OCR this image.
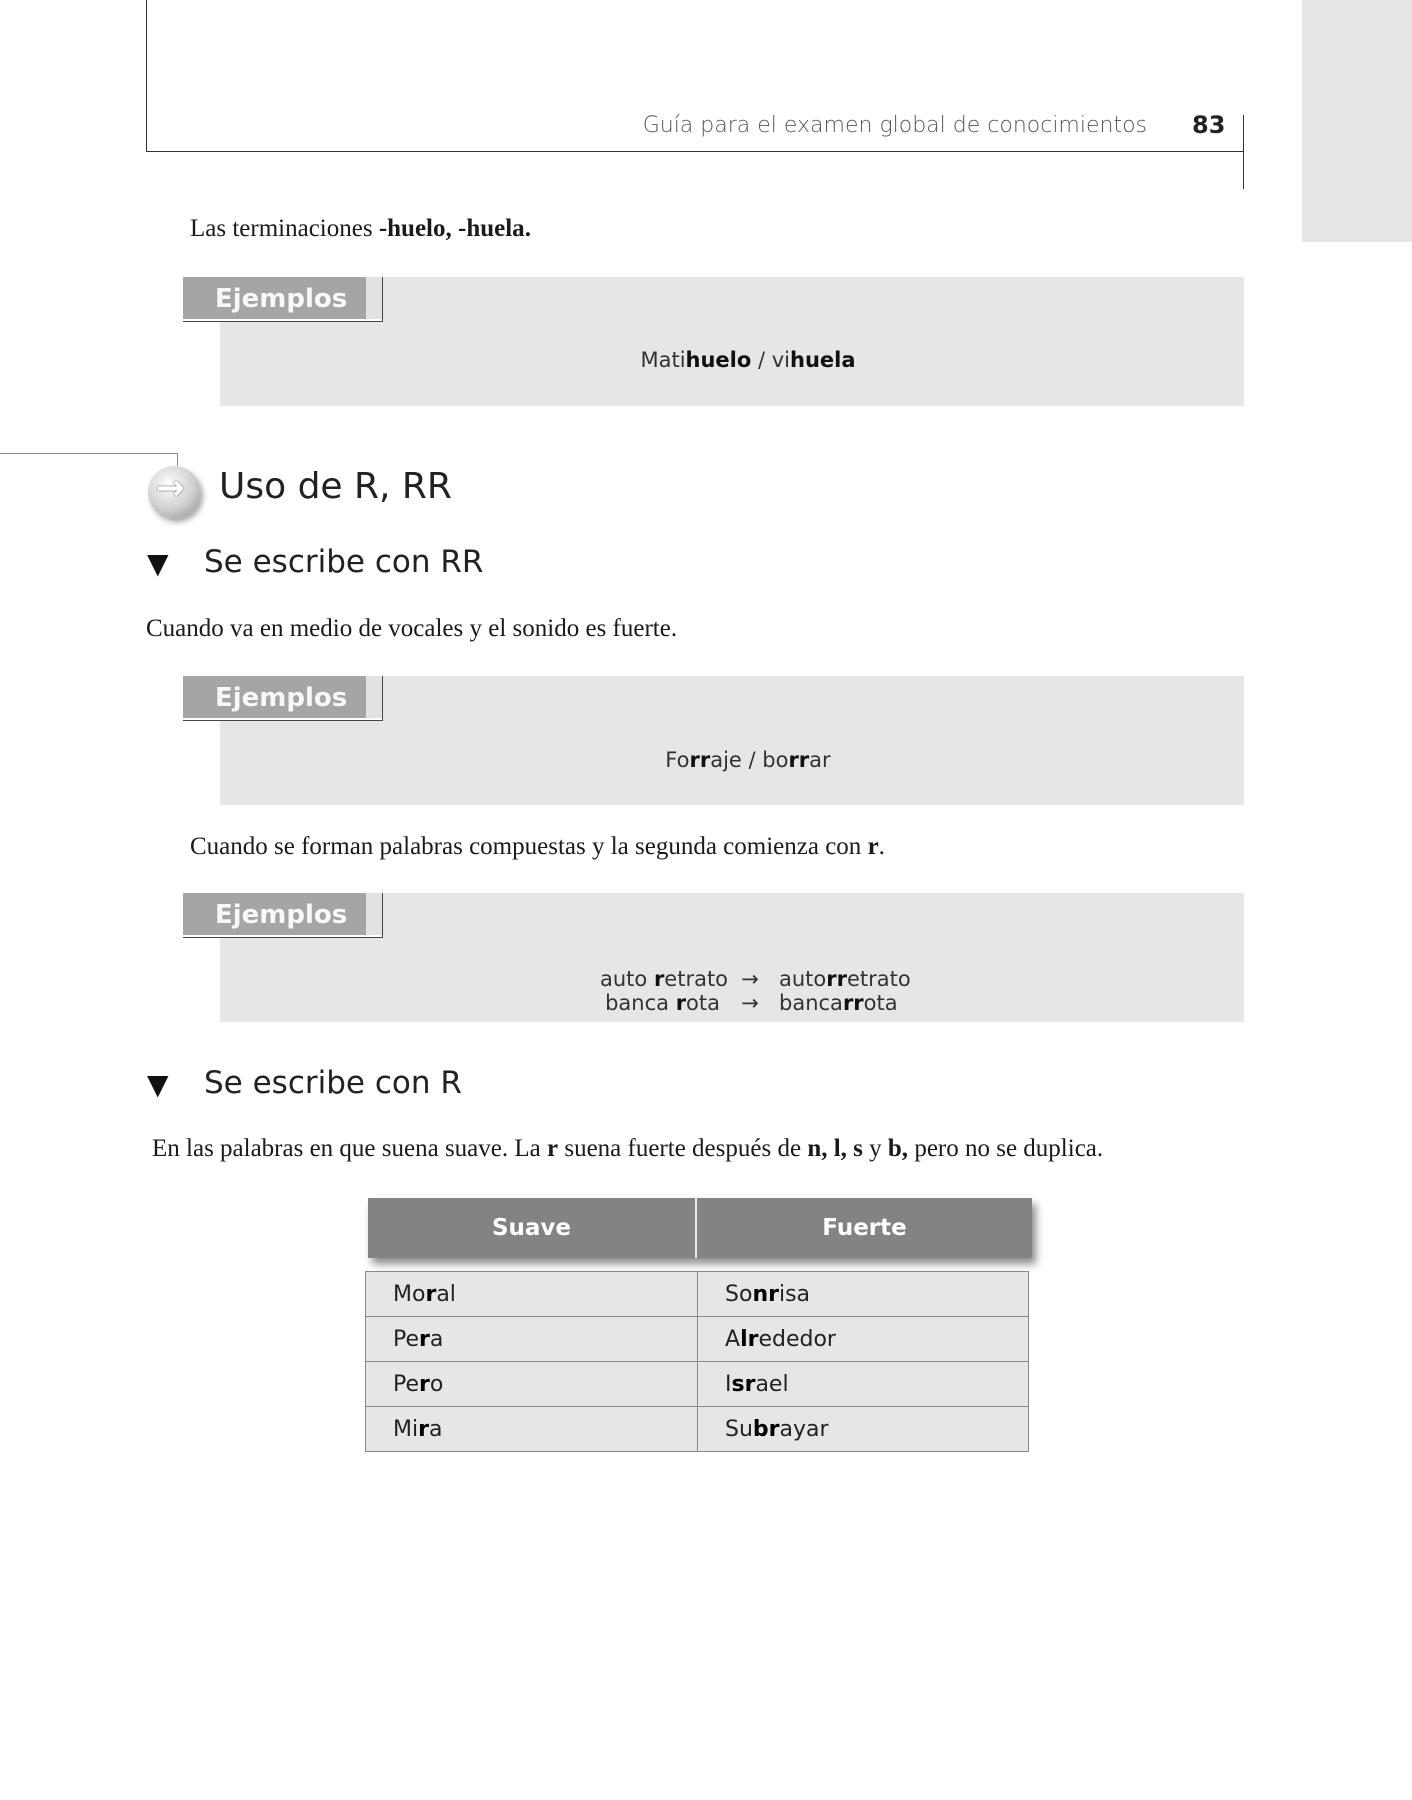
Guía para el examen global de conocimientos 83
Las terminaciones -huelo, -huela.
Ejemplos
Matihuelo / vihuela
→ Uso de R, RR
▼ Se escribe con RR
Cuando va en medio de vocales y el sonido es fuerte.
Ejemplos
Forraje / borrar
Cuando se forman palabras compuestas y la segunda comienza con r.
Ejemplos
auto retrato → autorretrato
banca rota → bancarrota
▼ Se escribe con R
En las palabras en que suena suave. La r suena fuerte después de n, l, s y b, pero no se duplica.
Suave	Fuerte
Moral	Sonrisa
Pera	Alrededor
Pero	Israel
Mira	Subrayar
